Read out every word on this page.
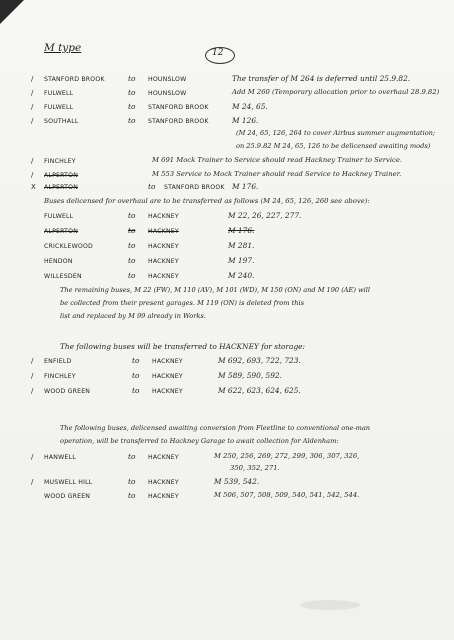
M type	12
/ STANFORD BROOK	to HOUNSLOW	The transfer of M 264 is deferred until 25.9.82.
/ FULWELL	to HOUNSLOW	Add M 260 (Temporary allocation prior to overhaul 28.9.82)
/ FULWELL	to STANFORD BROOK	M 24, 65.
/ SOUTHALL	to STANFORD BROOK	M 126.
(M 24, 65, 126, 264 to cover Airbus summer augmentation;
on 25.9.82 M 24, 65, 126 to be delicensed awaiting mods)
/ FINCHLEY	M 691 Mock Trainer to Service should read Hackney Trainer to Service.
/ ALPERTON	M 553 Service to Mock Trainer should read Service to Hackney Trainer.
X ALPERTON	to STANFORD BROOK M 176.
Buses delicensed for overhaul are to be transferred as follows (M 24, 65, 126, 260 see above):
FULWELL	to HACKNEY	M 22, 26, 227, 277.
ALPERTON	to HACKNEY	M 176.
CRICKLEWOOD	to HACKNEY	M 281.
HENDON	to HACKNEY	M 197.
WILLESDEN	to HACKNEY	M 240.
The remaining buses, M 22 (FW), M 110 (AV), M 101 (WD), M 150 (ON) and M 190 (AE) will
be collected from their present garages. M 119 (ON) is deleted from this
list and replaced by M 99 already in Works.
The following buses will be transferred to HACKNEY for storage:
/ ENFIELD	to HACKNEY	M 692, 693, 722, 723.
/ FINCHLEY	to HACKNEY	M 589, 590, 592.
/ WOOD GREEN	to HACKNEY	M 622, 623, 624, 625.
The following buses, delicensed awaiting conversion from Fleetline to conventional one-man
operation, will be transferred to Hackney Garage to await collection for Aldenham:
/ HANWELL	to HACKNEY	M 250, 256, 269, 272, 299, 306, 307, 326,
350, 352, 271.
/ MUSWELL HILL	to HACKNEY	M 539, 542.
WOOD GREEN	to HACKNEY	M 506, 507, 508, 509, 540, 541, 542, 544.
